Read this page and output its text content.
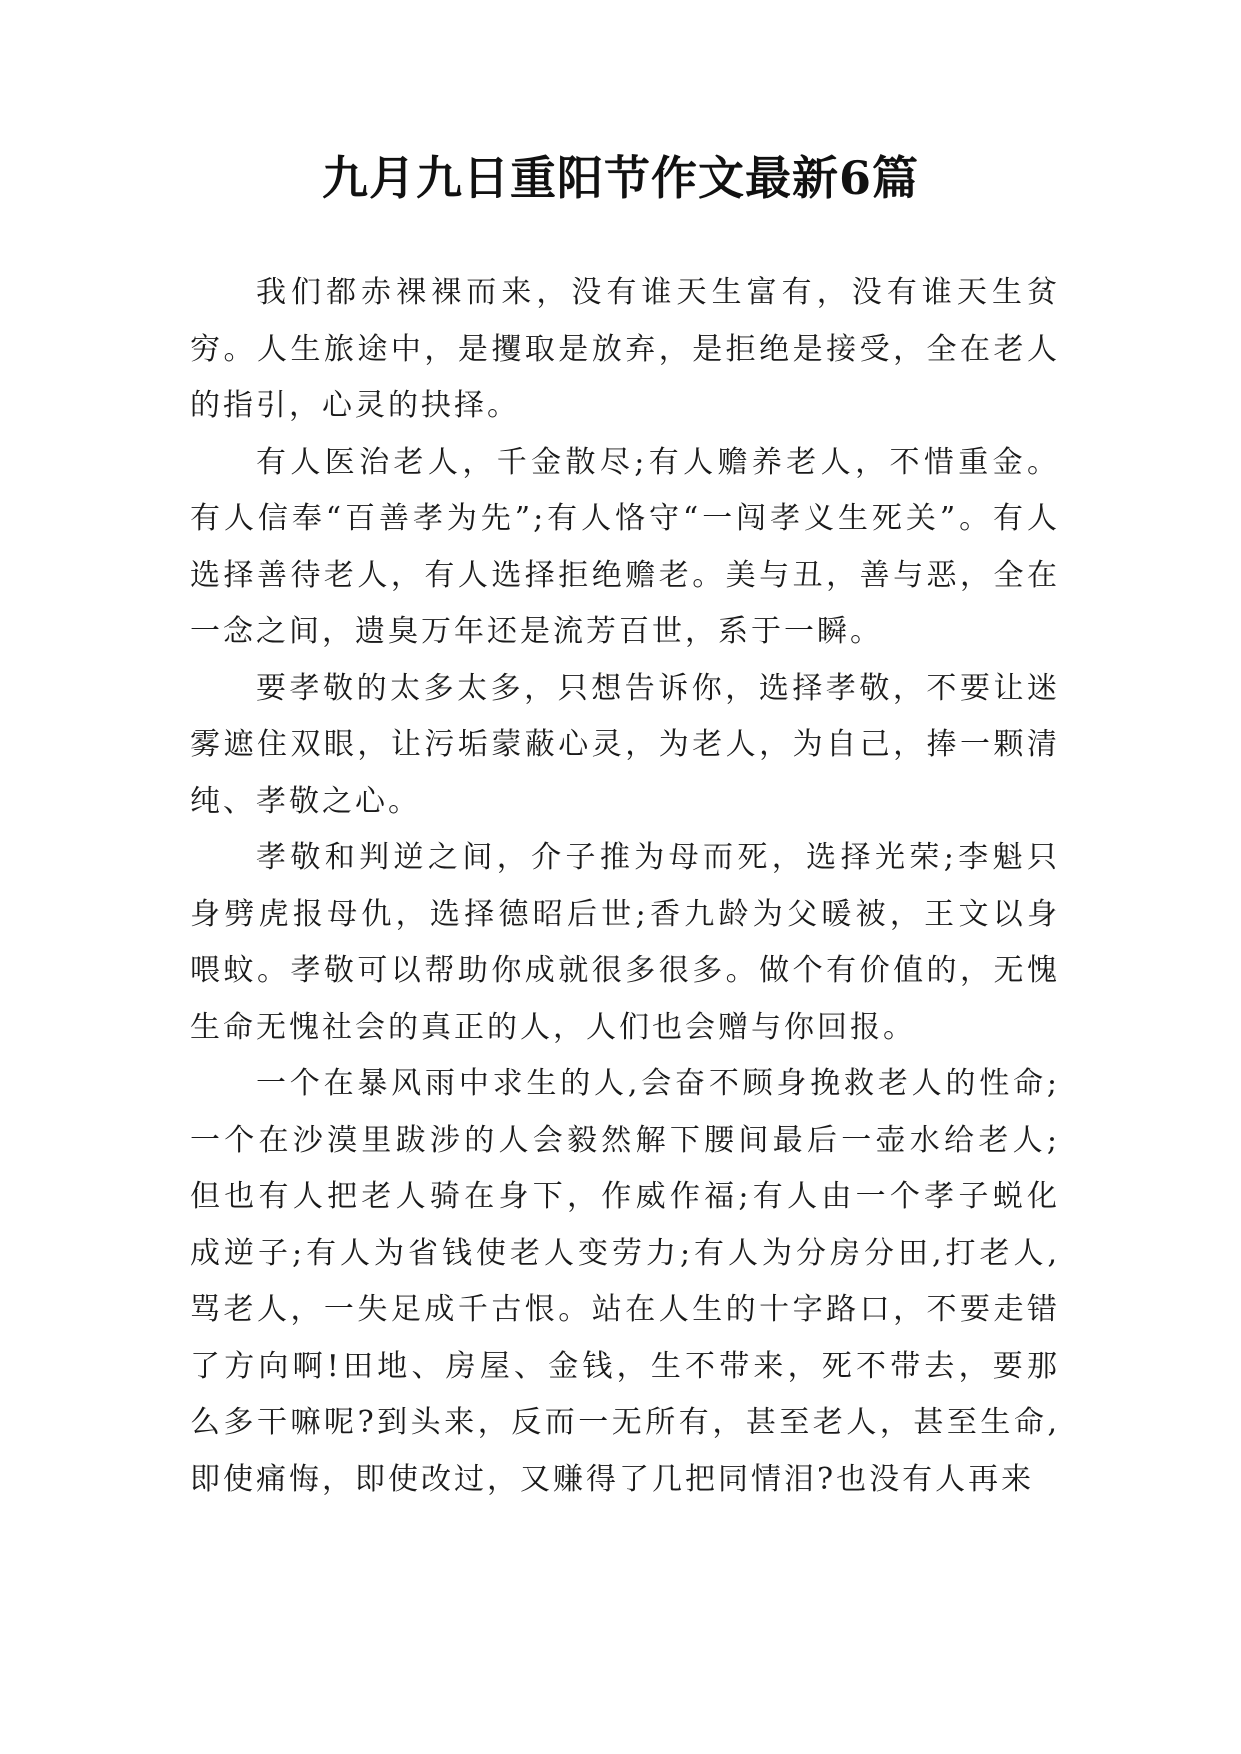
九月九日重阳节作文最新6篇

我们都赤裸裸而来，没有谁天生富有，没有谁天生贫穷。人生旅途中，是攫取是放弃，是拒绝是接受，全在老人的指引，心灵的抉择。

有人医治老人，千金散尽;有人赡养老人，不惜重金。有人信奉“百善孝为先”;有人恪守“一闯孝义生死关”。有人选择善待老人，有人选择拒绝赡老。美与丑，善与恶，全在一念之间，遗臭万年还是流芳百世，系于一瞬。

要孝敬的太多太多，只想告诉你，选择孝敬，不要让迷雾遮住双眼，让污垢蒙蔽心灵，为老人，为自己，捧一颗清纯、孝敬之心。

孝敬和判逆之间，介子推为母而死，选择光荣;李魁只身劈虎报母仇，选择德昭后世;香九龄为父暖被，王文以身喂蚊。孝敬可以帮助你成就很多很多。做个有价值的，无愧生命无愧社会的真正的人，人们也会赠与你回报。

一个在暴风雨中求生的人,会奋不顾身挽救老人的性命;一个在沙漠里跋涉的人会毅然解下腰间最后一壶水给老人;但也有人把老人骑在身下，作威作福;有人由一个孝子蜕化成逆子;有人为省钱使老人变劳力;有人为分房分田,打老人,骂老人，一失足成千古恨。站在人生的十字路口，不要走错了方向啊!田地、房屋、金钱，生不带来，死不带去，要那么多干嘛呢?到头来，反而一无所有，甚至老人，甚至生命,即使痛悔，即使改过，又赚得了几把同情泪?也没有人再来
